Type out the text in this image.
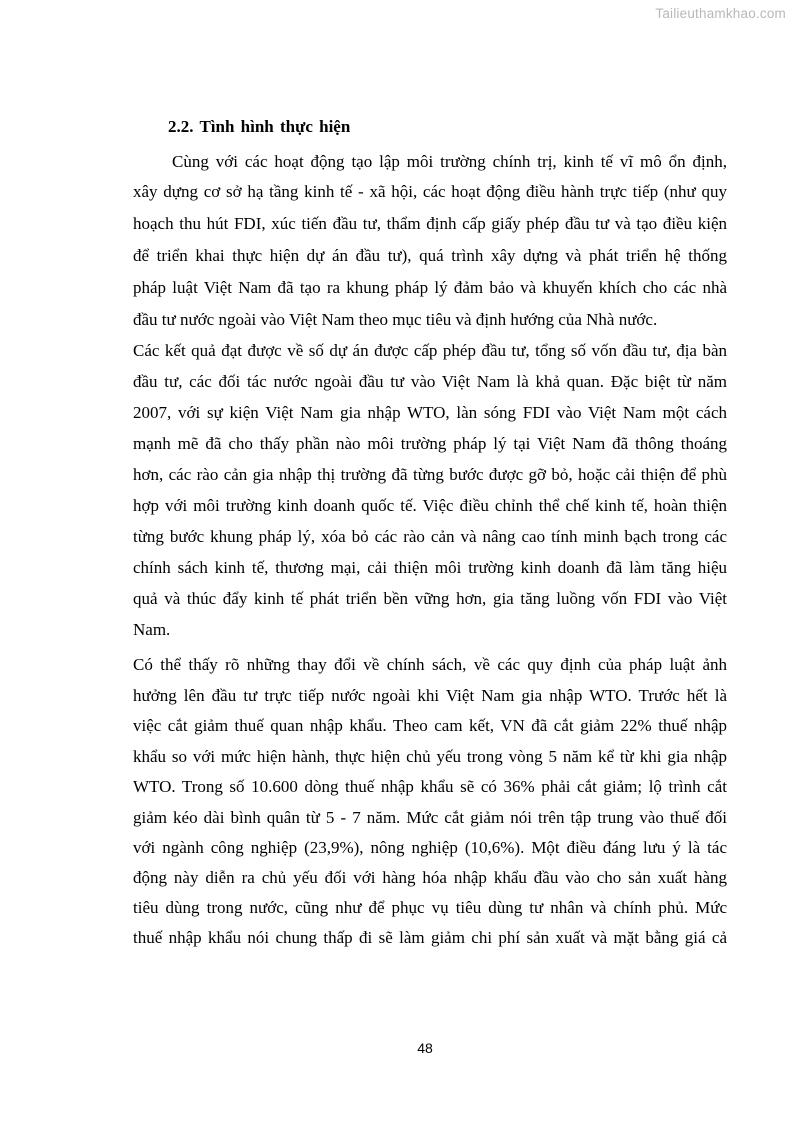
Tailieuthamkhao.com
2.2. Tình hình thực hiện
Cùng với các hoạt động tạo lập môi trường chính trị, kinh tế vĩ mô ổn định,
xây dựng cơ sở hạ tầng kinh tế - xã hội, các hoạt động điều hành trực tiếp (như quy
hoạch thu hút FDI, xúc tiến đầu tư, thẩm định cấp giấy phép đầu tư và tạo điều kiện
để triển khai thực hiện dự án đầu tư), quá trình xây dựng và phát triển hệ thống
pháp luật Việt Nam đã tạo ra khung pháp lý đảm bảo và khuyến khích cho các nhà
đầu tư nước ngoài vào Việt Nam theo mục tiêu và định hướng của Nhà nước.
Các kết quả đạt được về số dự án được cấp phép đầu tư, tổng số vốn đầu tư, địa bàn
đầu tư, các đối tác nước ngoài đầu tư vào Việt Nam là khả quan. Đặc biệt từ năm
2007, với sự kiện Việt Nam gia nhập WTO, làn sóng FDI vào Việt Nam một cách
mạnh mẽ đã cho thấy phần nào môi trường pháp lý tại Việt Nam đã thông thoáng
hơn, các rào cản gia nhập thị trường đã từng bước được gỡ bỏ, hoặc cải thiện để phù
hợp với môi trường kinh doanh quốc tế. Việc điều chỉnh thể chế kinh tế, hoàn thiện
từng bước khung pháp lý, xóa bỏ các rào cản và nâng cao tính minh bạch trong các
chính sách kinh tế, thương mại, cải thiện môi trường kinh doanh đã làm tăng hiệu
quả và thúc đẩy kinh tế phát triển bền vững hơn, gia tăng luồng vốn FDI vào Việt
Nam.
Có thể thấy rõ những thay đổi về chính sách, về các quy định của pháp luật ảnh
hưởng lên đầu tư trực tiếp nước ngoài khi Việt Nam gia nhập WTO. Trước hết là
việc cắt giảm thuế quan nhập khẩu. Theo cam kết, VN đã cắt giảm 22% thuế nhập
khẩu so với mức hiện hành, thực hiện chủ yếu trong vòng 5 năm kể từ khi gia nhập
WTO. Trong số 10.600 dòng thuế nhập khẩu sẽ có 36% phải cắt giảm; lộ trình cắt
giảm kéo dài bình quân từ 5 - 7 năm. Mức cắt giảm nói trên tập trung vào thuế đối
với ngành công nghiệp (23,9%), nông nghiệp (10,6%). Một điều đáng lưu ý là tác
động này diễn ra chủ yếu đối với hàng hóa nhập khẩu đầu vào cho sản xuất hàng
tiêu dùng trong nước, cũng như để phục vụ tiêu dùng tư nhân và chính phủ. Mức
thuế nhập khẩu nói chung thấp đi sẽ làm giảm chi phí sản xuất và mặt bằng giá cả
48
